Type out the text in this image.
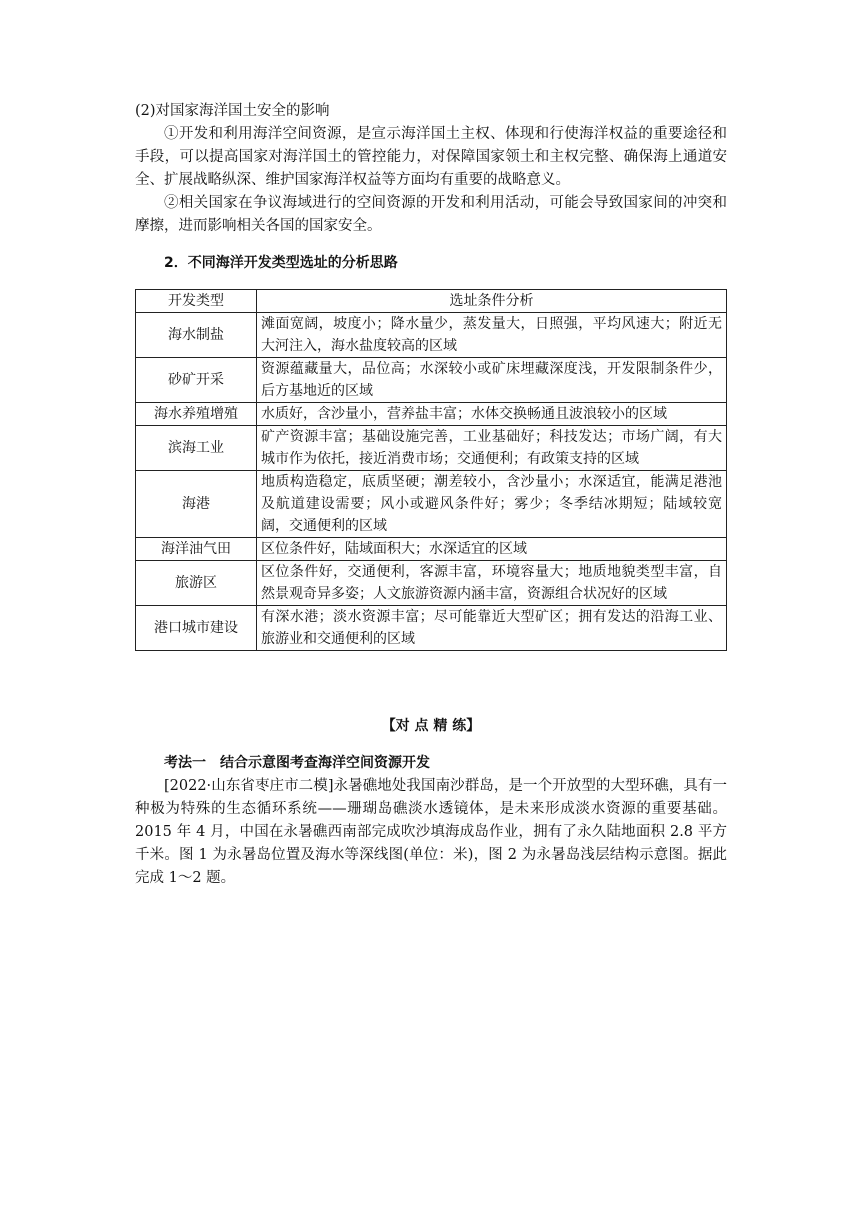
(2)对国家海洋国土安全的影响

①开发和利用海洋空间资源，是宣示海洋国土主权、体现和行使海洋权益的重要途径和手段，可以提高国家对海洋国土的管控能力，对保障国家领土和主权完整、确保海上通道安全、扩展战略纵深、维护国家海洋权益等方面均有重要的战略意义。

②相关国家在争议海域进行的空间资源的开发和利用活动，可能会导致国家间的冲突和摩擦，进而影响相关各国的国家安全。

2．不同海洋开发类型选址的分析思路

开发类型	选址条件分析
海水制盐	滩面宽阔，坡度小；降水量少，蒸发量大，日照强，平均风速大；附近无大河注入，海水盐度较高的区域
砂矿开采	资源蕴藏量大，品位高；水深较小或矿床埋藏深度浅，开发限制条件少，后方基地近的区域
海水养殖增殖	水质好，含沙量小，营养盐丰富；水体交换畅通且波浪较小的区域
滨海工业	矿产资源丰富；基础设施完善，工业基础好；科技发达；市场广阔，有大城市作为依托，接近消费市场；交通便利；有政策支持的区域
海港	地质构造稳定，底质坚硬；潮差较小，含沙量小；水深适宜，能满足港池及航道建设需要；风小或避风条件好；雾少；冬季结冰期短；陆域较宽阔，交通便利的区域
海洋油气田	区位条件好，陆域面积大；水深适宜的区域
旅游区	区位条件好，交通便利，客源丰富，环境容量大；地质地貌类型丰富，自然景观奇异多姿；人文旅游资源内涵丰富，资源组合状况好的区域
港口城市建设	有深水港；淡水资源丰富；尽可能靠近大型矿区；拥有发达的沿海工业、旅游业和交通便利的区域

【对 点 精 练】

考法一　结合示意图考查海洋空间资源开发

[2022·山东省枣庄市二模]永暑礁地处我国南沙群岛，是一个开放型的大型环礁，具有一种极为特殊的生态循环系统——珊瑚岛礁淡水透镜体，是未来形成淡水资源的重要基础。2015 年 4 月，中国在永暑礁西南部完成吹沙填海成岛作业，拥有了永久陆地面积 2.8 平方千米。图 1 为永暑岛位置及海水等深线图(单位：米)，图 2 为永暑岛浅层结构示意图。据此完成 1～2 题。
